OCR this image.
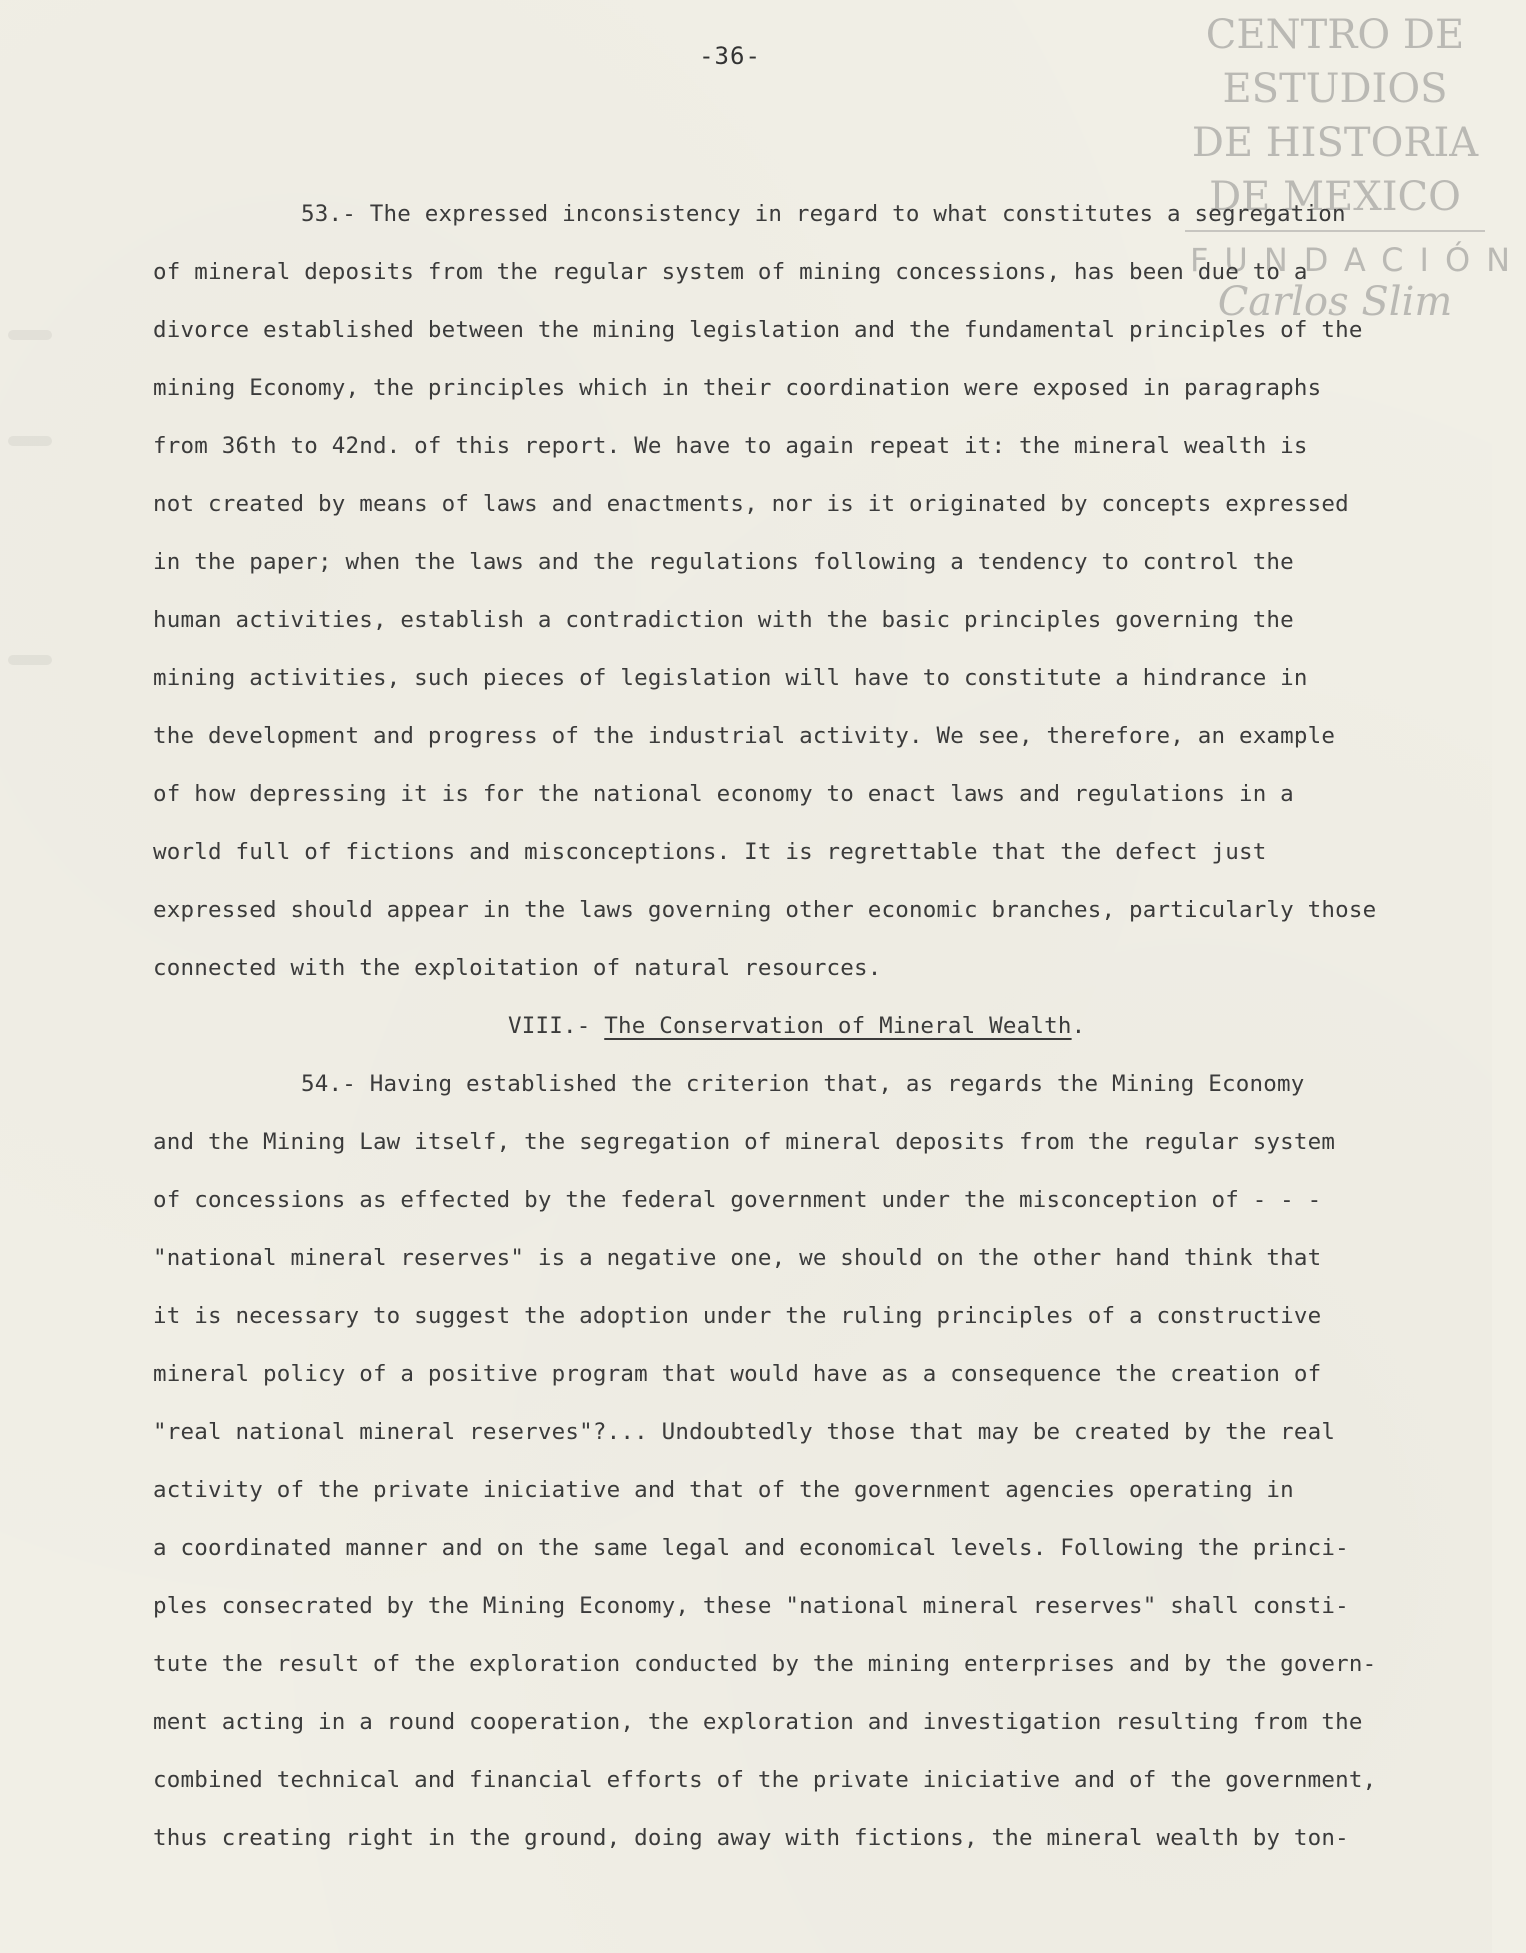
-36-	CENTRO DE
ESTUDIOS
DE HISTORIA
DE MEXICO
FUNDACIÓN
Carlos Slim
53.- The expressed inconsistency in regard to what constitutes a segregation
of mineral deposits from the regular system of mining concessions, has been due to a
divorce established between the mining legislation and the fundamental principles of the
mining Economy, the principles which in their coordination were exposed in paragraphs
from 36th to 42nd. of this report. We have to again repeat it: the mineral wealth is
not created by means of laws and enactments, nor is it originated by concepts expressed
in the paper; when the laws and the regulations following a tendency to control the
human activities, establish a contradiction with the basic principles governing the
mining activities, such pieces of legislation will have to constitute a hindrance in
the development and progress of the industrial activity. We see, therefore, an example
of how depressing it is for the national economy to enact laws and regulations in a
world full of fictions and misconceptions. It is regrettable that the defect just
expressed should appear in the laws governing other economic branches, particularly those
connected with the exploitation of natural resources.
VIII.- The Conservation of Mineral Wealth.
54.- Having established the criterion that, as regards the Mining Economy
and the Mining Law itself, the segregation of mineral deposits from the regular system
of concessions as effected by the federal government under the misconception of - - -
"national mineral reserves" is a negative one, we should on the other hand think that
it is necessary to suggest the adoption under the ruling principles of a constructive
mineral policy of a positive program that would have as a consequence the creation of
"real national mineral reserves"?... Undoubtedly those that may be created by the real
activity of the private iniciative and that of the government agencies operating in
a coordinated manner and on the same legal and economical levels. Following the princi-
ples consecrated by the Mining Economy, these "national mineral reserves" shall consti-
tute the result of the exploration conducted by the mining enterprises and by the govern-
ment acting in a round cooperation, the exploration and investigation resulting from the
combined technical and financial efforts of the private iniciative and of the government,
thus creating right in the ground, doing away with fictions, the mineral wealth by ton-
